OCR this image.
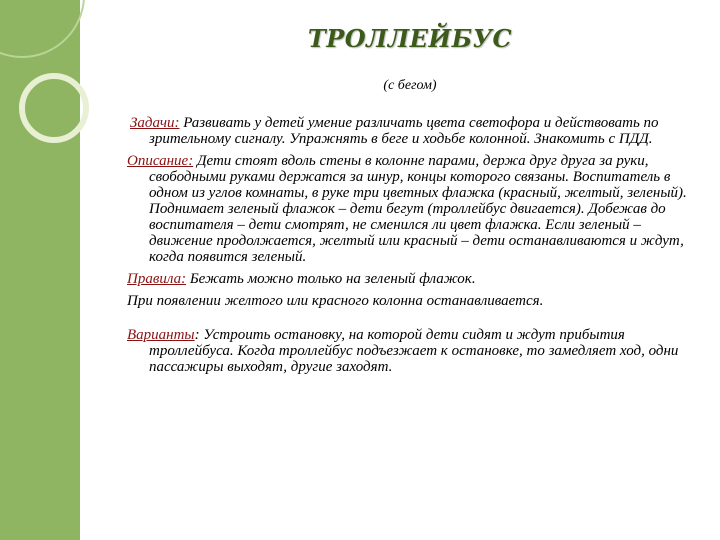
ТРОЛЛЕЙБУС
(с бегом)

Задачи: Развивать у детей умение различать цвета светофора и действовать по зрительному сигналу. Упражнять в беге и ходьбе колонной. Знакомить с ПДД.

Описание: Дети стоят вдоль стены в колонне парами, держа друг друга за руки, свободными руками держатся за шнур, концы которого связаны. Воспитатель в одном из углов комнаты, в руке три цветных флажка (красный, желтый, зеленый). Поднимает зеленый флажок – дети бегут (троллейбус двигается). Добежав до воспитателя – дети смотрят, не сменился ли цвет флажка. Если зеленый – движение продолжается, желтый или красный – дети останавливаются и ждут, когда появится зеленый.

Правила: Бежать можно только на зеленый флажок.

При появлении желтого или красного колонна останавливается.

Варианты: Устроить остановку, на которой дети сидят и ждут прибытия троллейбуса. Когда троллейбус подъезжает к остановке, то замедляет ход, одни пассажиры выходят, другие заходят.
